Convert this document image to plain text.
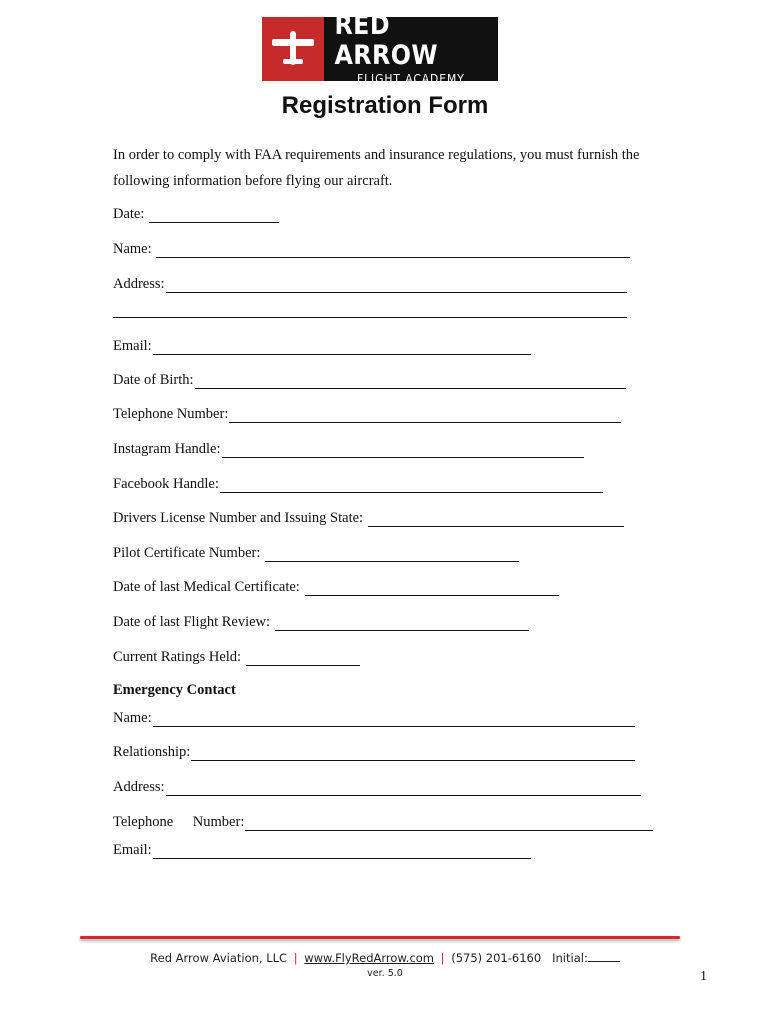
RED ARROW
FLIGHT ACADEMY
Registration Form
In order to comply with FAA requirements and insurance regulations, you must furnish the following information before flying our aircraft.
Date:
Name:
Address:
Email:
Date of Birth:
Telephone Number:
Instagram Handle:
Facebook Handle:
Drivers License Number and Issuing State:
Pilot Certificate Number:
Date of last Medical Certificate:
Date of last Flight Review:
Current Ratings Held:
Emergency Contact
Name:
Relationship:
Address:
Telephone Number:
Email:
Red Arrow Aviation, LLC | www.FlyRedArrow.com | (575) 201-6160 Initial:
ver. 5.0	1
